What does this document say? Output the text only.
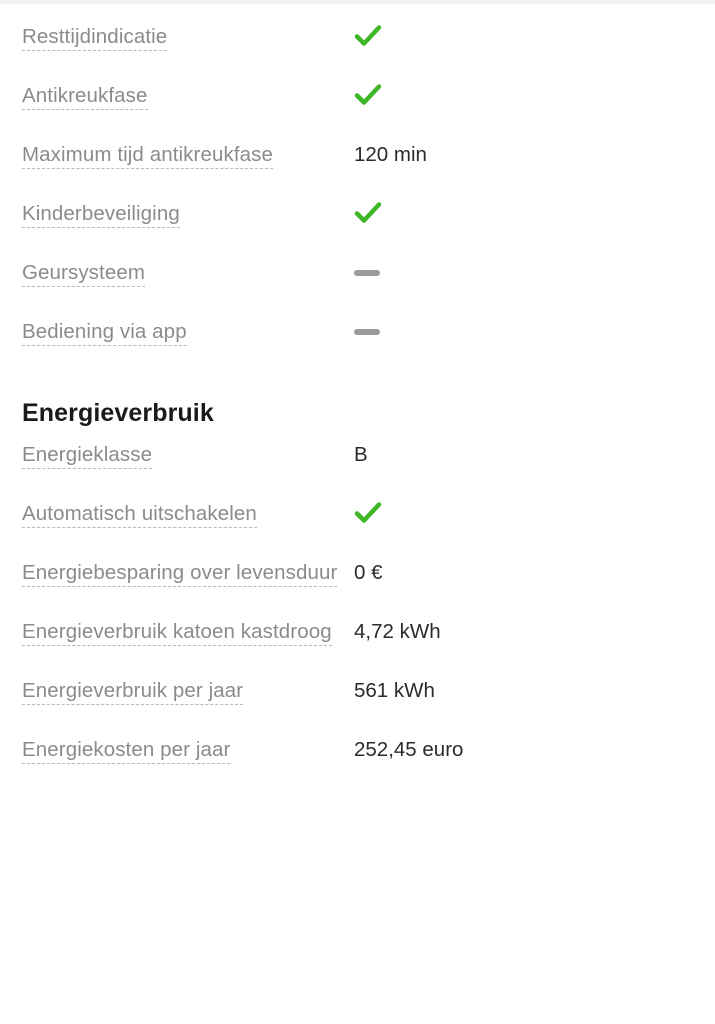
Resttijdindicatie
Antikreukfase
Maximum tijd antikreukfase	120 min
Kinderbeveiliging
Geursysteem
Bediening via app
Energieverbruik
Energieklasse	B
Automatisch uitschakelen
Energiebesparing over levensduur 0 €
Energieverbruik katoen kastdroog	4,72 kWh
Energieverbruik per jaar	561 kWh
Energiekosten per jaar	252,45 euro
